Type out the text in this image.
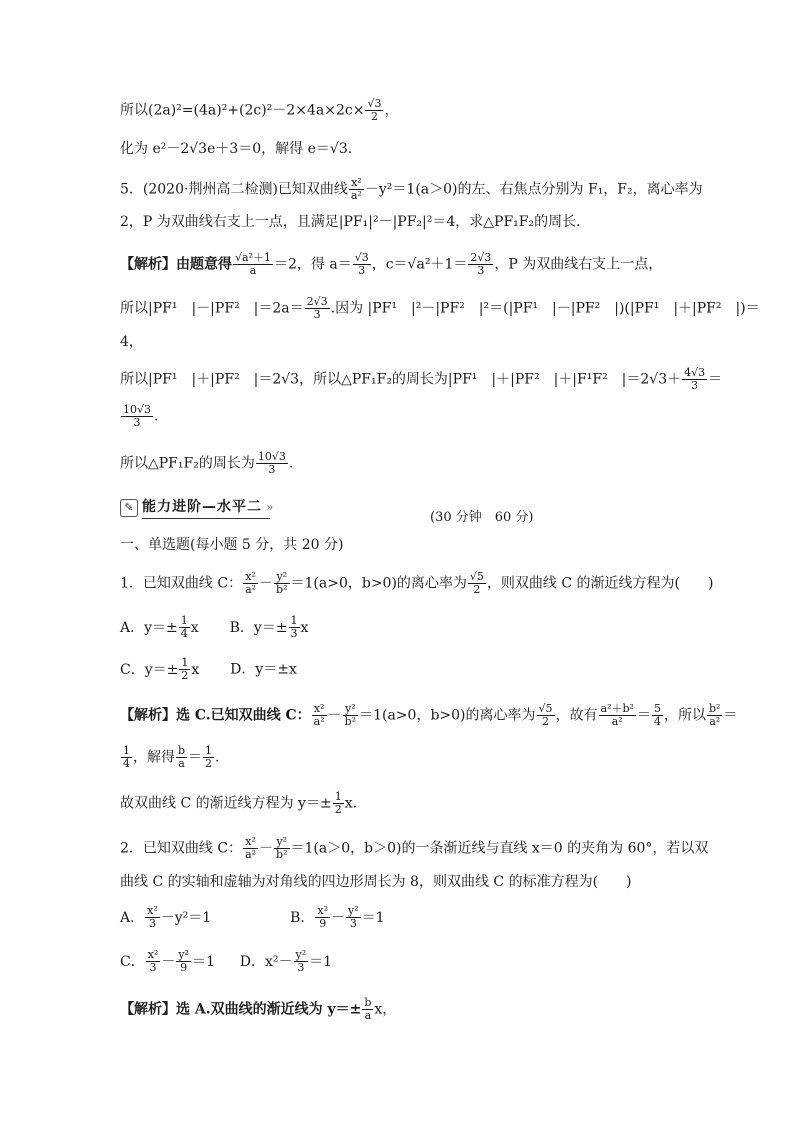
所以$(2a)^2=(4a)^2+(2c)^2-2\times 4a\times 2c\times \frac{√3}{2}$ ，
化为 e²－2√3e＋3＝0，解得 e＝√3.
5．(2020·荆州高二检测)已知双曲线 $\frac{\text{x²}}{\text{a²}} -y^2=1(a>0)$的左、右焦点分别为 F₁，F₂，离心率为
2，P 为双曲线右支上一点，且满足|PF₁|²－|PF₂|²＝4，求△PF₁F₂的周长．
【解析】由题意得 $\frac{\text{√a²＋1}}{a} =2$，得 $a= \frac{√3}{3}$ ，$c=√a^2+1= \frac{2√3}{3}$ ，P 为双曲线右支上一点，
所以|PF¹　|－|PF²　$|=2a= \frac{2√3}{3}$ .因为 |PF¹　|²－|PF²　|²＝(|PF¹　|－|PF²　|)(|PF¹　|＋|PF²　|)＝
4，
所以|PF¹　|＋|PF²　|＝2√3，所以△PF₁F₂的周长为|PF¹　|＋|PF²　|＋|F¹F²　$|=2√3+ \frac{4√3}{3}$ ＝
$\frac{10√3}{3}$ .
所以△PF₁F₂的周长为 $\frac{10√3}{3}$ .
✎ 能力进阶—水平二 »
(30 分钟　60 分)
一、单选题(每小题 5 分，共 20 分)
1．已知双曲线 C： $\frac{\text{x²}}{\text{a²}} - \frac{\text{y²}}{\text{b²}} =1(a>0$，b>0)的离心率为 $\frac{√5}{2}$ ，则双曲线 C 的渐近线方程为(　　)
A．$y=\pm \frac{1}{4}$ x B．$y=\pm \frac{1}{3}$ x
C．$y=\pm \frac{1}{2}$ x D．y＝±x
【解析】选 C.已知双曲线 C： $\frac{\text{x²}}{\text{a²}} - \frac{\text{y²}}{\text{b²}} =1(a>0$，b>0)的离心率为 $\frac{√5}{2}$ ，故有 $\frac{\text{a²＋b²}}{\text{a²}} = \frac{5}{4}$ ，所以 $\frac{\text{b²}}{\text{a²}}$ ＝
$\frac{1}{4}$ ，解得 $\frac{b}{a} = \frac{1}{2}$ .
故双曲线 C 的渐近线方程为 $y=\pm \frac{1}{2} x$.
2．已知双曲线 C： $\frac{\text{x²}}{\text{a²}} - \frac{\text{y²}}{\text{b²}} =1(a>0$，b＞0)的一条渐近线与直线 x＝0 的夹角为 60°，若以双
曲线 C 的实轴和虚轴为对角线的四边形周长为 8，则双曲线 C 的标准方程为(　　)
A． $\frac{\text{x²}}{3} -y^2=1$	B． $\frac{\text{x²}}{9} - \frac{\text{y²}}{3} =1$
C． $\frac{\text{x²}}{3} - \frac{\text{y²}}{9} =1$ D．$x^2- \frac{\text{y²}}{3} =1$
【解析】选 A.双曲线的渐近线为 $y=\pm \frac{b}{a}$ x，
